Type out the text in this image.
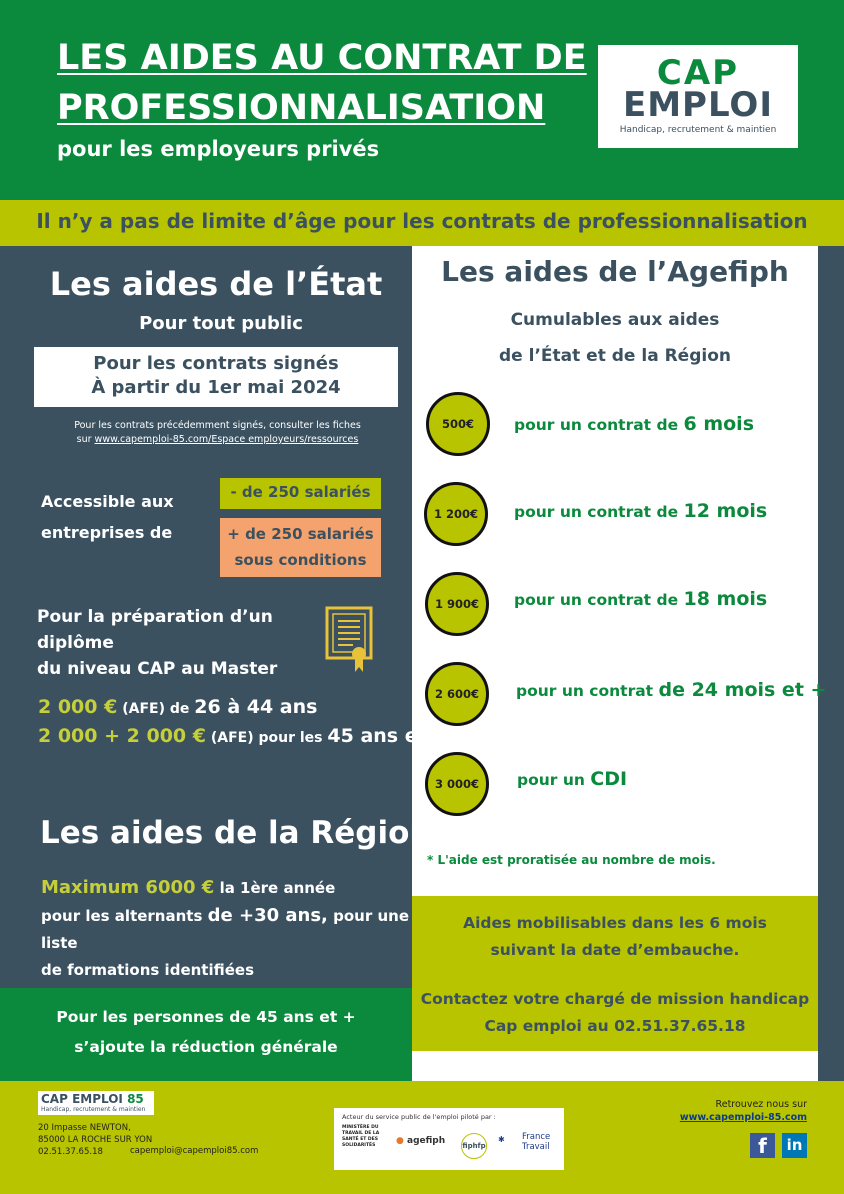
LES AIDES AU CONTRAT DE
PROFESSIONNALISATION
pour les employeurs privés
CAP
EMPLOI
Handicap, recrutement & maintien
Il n’y a pas de limite d’âge pour les contrats de professionnalisation
Les aides de l’État
Pour tout public
Pour les contrats signés
À partir du 1er mai 2024
Pour les contrats précédemment signés, consulter les fiches
sur www.capemploi-85.com/Espace employeurs/ressources
Accessible aux
entreprises de
- de 250 salariés
+ de 250 salariés
sous conditions
Pour la préparation d’un diplôme
du niveau CAP au Master
2 000 € (AFE) de 26 à 44 ans
2 000 + 2 000 € (AFE) pour les 45 ans et +
Les aides de la Région
Maximum 6000 € la 1ère année
pour les alternants de +30 ans, pour une liste
de formations identifiées
Pour les personnes de 45 ans et +
s’ajoute la réduction générale
Les aides de l’Agefiph
Cumulables aux aides
de l’État et de la Région
500€	pour un contrat de 6 mois
1 200€	pour un contrat de 12 mois
1 900€	pour un contrat de 18 mois
2 600€	pour un contrat de 24 mois et +
3 000€	pour un CDI
* L'aide est proratisée au nombre de mois.
Aides mobilisables dans les 6 mois
suivant la date d’embauche.
Contactez votre chargé de mission handicap
Cap emploi au 02.51.37.65.18
CAP EMPLOI 85
Handicap, recrutement & maintien
20 Impasse NEWTON,
85000 LA ROCHE SUR YON
02.51.37.65.18	capemploi@capemploi85.com
Acteur du service public de l'emploi piloté par :
MINISTÈRE DU TRAVAIL DE LA SANTÉ ET DES SOLIDARITÉS	● agefiph fiphfp
✱ France
Travail
Retrouvez nous sur
www.capemploi-85.com
f	in
